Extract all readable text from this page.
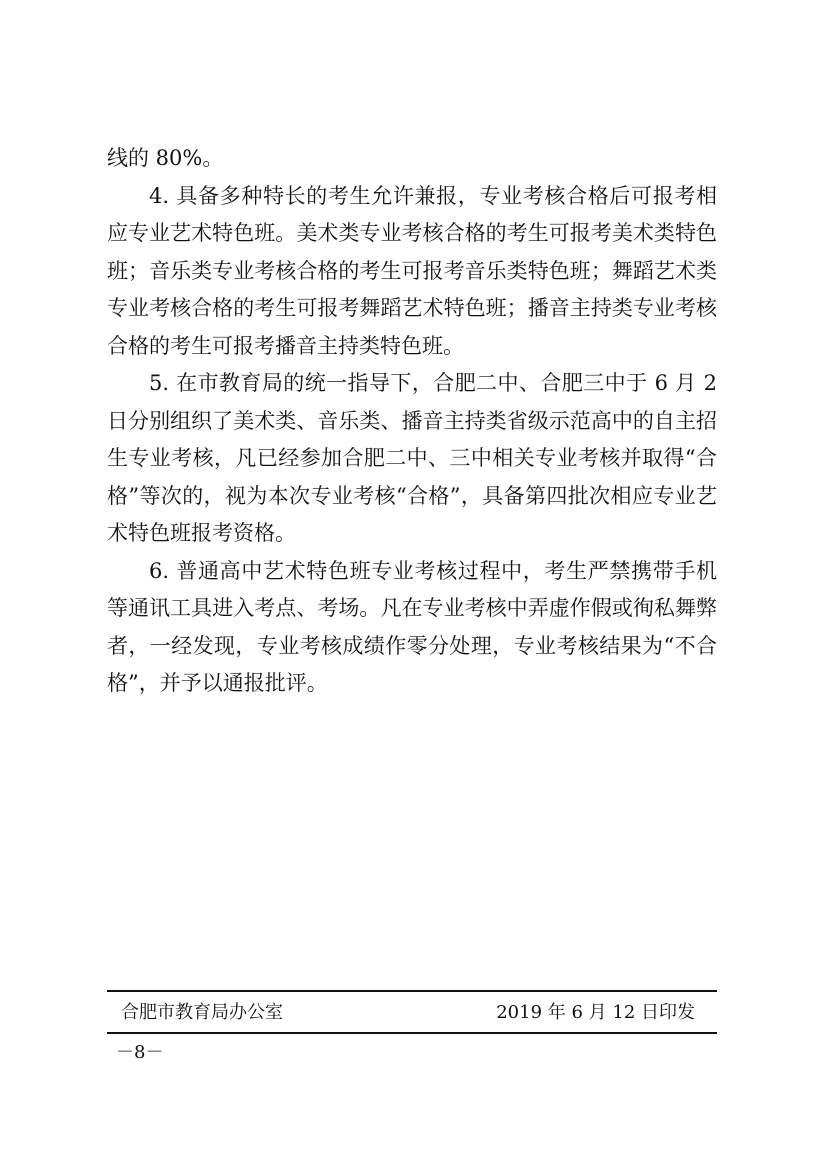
线的 80%。

4. 具备多种特长的考生允许兼报，专业考核合格后可报考相应专业艺术特色班。美术类专业考核合格的考生可报考美术类特色班；音乐类专业考核合格的考生可报考音乐类特色班；舞蹈艺术类专业考核合格的考生可报考舞蹈艺术特色班；播音主持类专业考核合格的考生可报考播音主持类特色班。

5. 在市教育局的统一指导下，合肥二中、合肥三中于 6 月 2 日分别组织了美术类、音乐类、播音主持类省级示范高中的自主招生专业考核，凡已经参加合肥二中、三中相关专业考核并取得“合格”等次的，视为本次专业考核“合格”，具备第四批次相应专业艺术特色班报考资格。

6. 普通高中艺术特色班专业考核过程中，考生严禁携带手机等通讯工具进入考点、考场。凡在专业考核中弄虚作假或徇私舞弊者，一经发现，专业考核成绩作零分处理，专业考核结果为“不合格”，并予以通报批评。

合肥市教育局办公室	2019 年 6 月 12 日印发
－8－
